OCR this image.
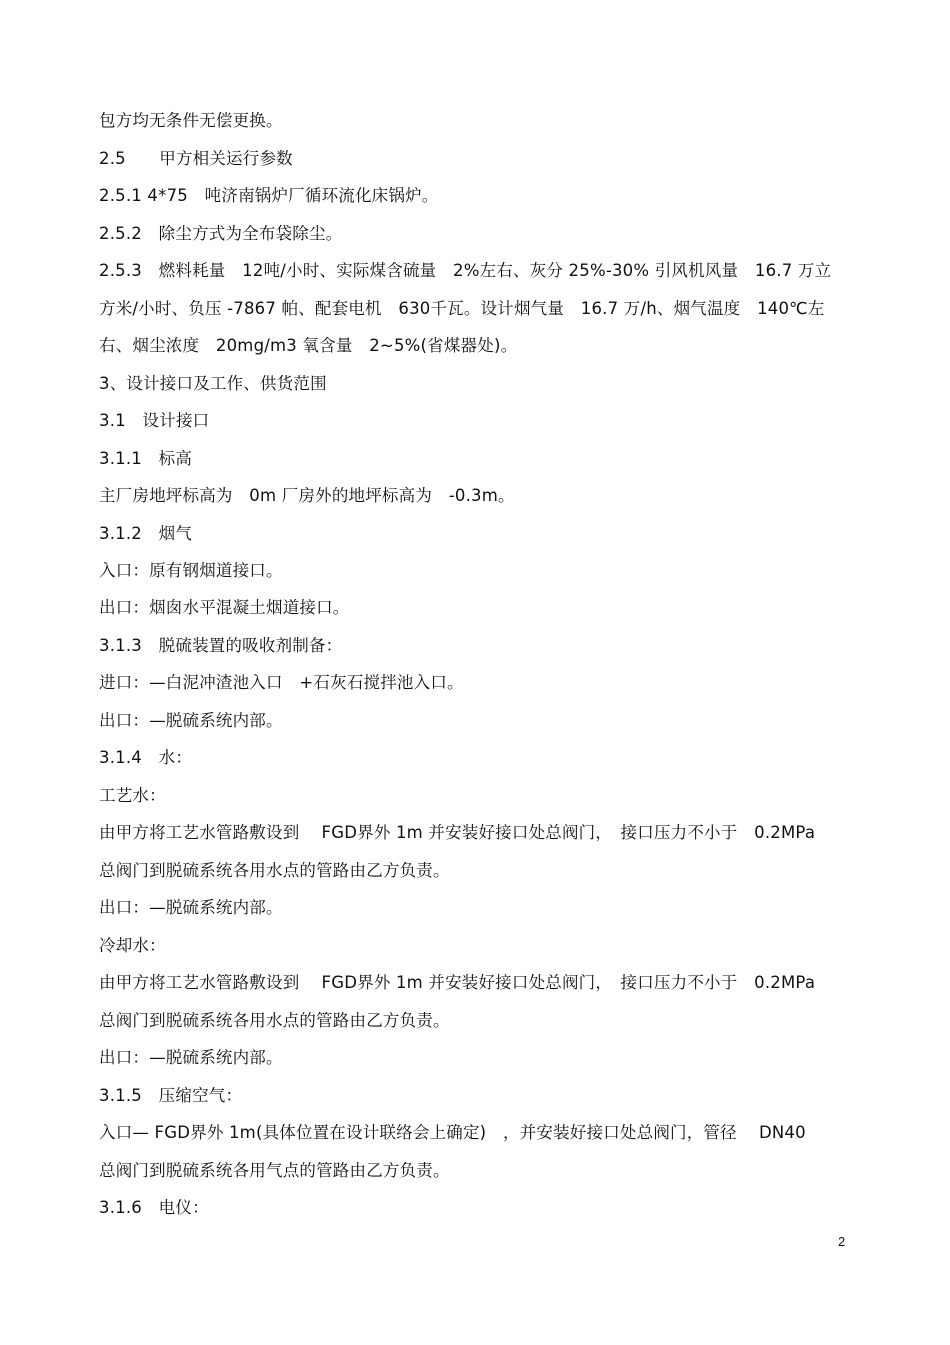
包方均无条件无偿更换。
2.5　　甲方相关运行参数
2.5.1 4*75　吨济南锅炉厂循环流化床锅炉。
2.5.2　除尘方式为全布袋除尘。
2.5.3　燃料耗量　12吨/小时、实际煤含硫量　2%左右、灰分 25%-30% 引风机风量　16.7 万立
方米/小时、负压 -7867 帕、配套电机　630千瓦。设计烟气量　16.7 万/h、烟气温度　140℃左
右、烟尘浓度　20mg/m3 氧含量　2~5%(省煤器处)。
3、设计接口及工作、供货范围
3.1　设计接口
3.1.1　标高
主厂房地坪标高为　0m 厂房外的地坪标高为　-0.3m。
3.1.2　烟气
入口：原有钢烟道接口。
出口：烟囱水平混凝土烟道接口。
3.1.3　脱硫装置的吸收剂制备：
进口：—白泥冲渣池入口　+石灰石搅拌池入口。
出口：—脱硫系统内部。
3.1.4　水：
工艺水：
由甲方将工艺水管路敷设到　 FGD界外 1m 并安装好接口处总阀门，　接口压力不小于　0.2MPa
总阀门到脱硫系统各用水点的管路由乙方负责。
出口：—脱硫系统内部。
冷却水：
由甲方将工艺水管路敷设到　 FGD界外 1m 并安装好接口处总阀门，　接口压力不小于　0.2MPa
总阀门到脱硫系统各用水点的管路由乙方负责。
出口：—脱硫系统内部。
3.1.5　压缩空气：
入口— FGD界外 1m(具体位置在设计联络会上确定)　，并安装好接口处总阀门，管径　 DN40
总阀门到脱硫系统各用气点的管路由乙方负责。
3.1.6　电仪：
2
